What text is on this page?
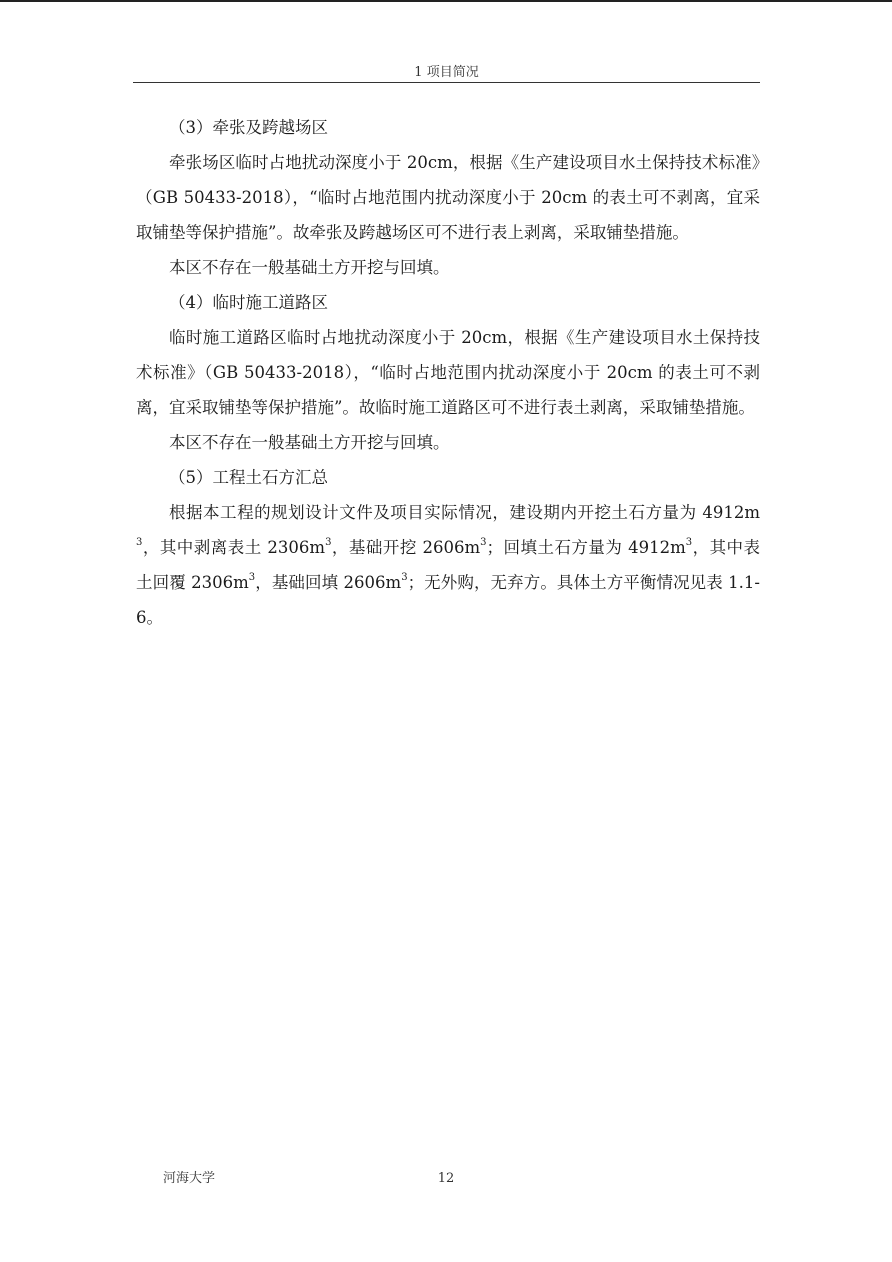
1 项目简况

（3）牵张及跨越场区

牵张场区临时占地扰动深度小于 20cm，根据《生产建设项目水土保持技术标准》（GB 50433-2018），“临时占地范围内扰动深度小于 20cm 的表土可不剥离，宜采取铺垫等保护措施”。故牵张及跨越场区可不进行表上剥离，采取铺垫措施。

本区不存在一般基础土方开挖与回填。

（4）临时施工道路区

临时施工道路区临时占地扰动深度小于 20cm，根据《生产建设项目水土保持技术标准》（GB 50433-2018），“临时占地范围内扰动深度小于 20cm 的表土可不剥离，宜采取铺垫等保护措施”。故临时施工道路区可不进行表土剥离，采取铺垫措施。

本区不存在一般基础土方开挖与回填。

（5）工程土石方汇总

根据本工程的规划设计文件及项目实际情况，建设期内开挖土石方量为 $4912m^3$，其中剥离表土 $2306m^3$，基础开挖 $2606m^3$；回填土石方量为 $4912m^3$，其中表土回覆 $2306m^3$，基础回填 $2606m^3$；无外购，无弃方。具体土方平衡情况见表 1.1-6。

河海大学	12
